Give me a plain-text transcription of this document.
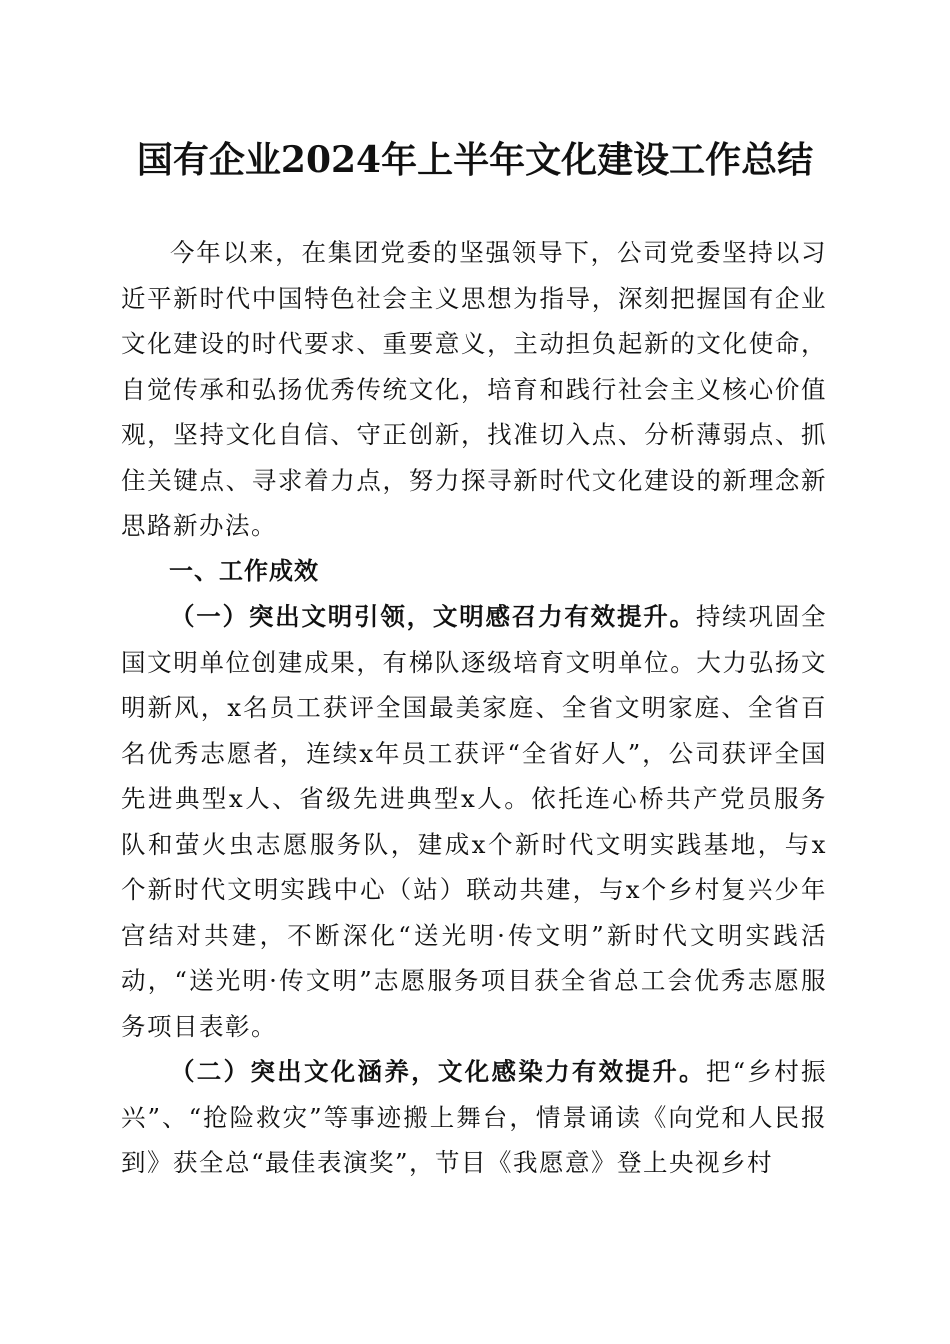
国有企业2024年上半年文化建设工作总结

今年以来，在集团党委的坚强领导下，公司党委坚持以习近平新时代中国特色社会主义思想为指导，深刻把握国有企业文化建设的时代要求、重要意义，主动担负起新的文化使命，自觉传承和弘扬优秀传统文化，培育和践行社会主义核心价值观，坚持文化自信、守正创新，找准切入点、分析薄弱点、抓住关键点、寻求着力点，努力探寻新时代文化建设的新理念新思路新办法。

一、工作成效

（一）突出文明引领，文明感召力有效提升。持续巩固全国文明单位创建成果，有梯队逐级培育文明单位。大力弘扬文明新风，x名员工获评全国最美家庭、全省文明家庭、全省百名优秀志愿者，连续x年员工获评“全省好人”，公司获评全国先进典型x人、省级先进典型x人。依托连心桥共产党员服务队和萤火虫志愿服务队，建成x个新时代文明实践基地，与x个新时代文明实践中心（站）联动共建，与x个乡村复兴少年宫结对共建，不断深化“送光明·传文明”新时代文明实践活动，“送光明·传文明”志愿服务项目获全省总工会优秀志愿服务项目表彰。

（二）突出文化涵养，文化感染力有效提升。把“乡村振兴”、“抢险救灾”等事迹搬上舞台，情景诵读《向党和人民报到》获全总“最佳表演奖”，节目《我愿意》登上央视乡村
